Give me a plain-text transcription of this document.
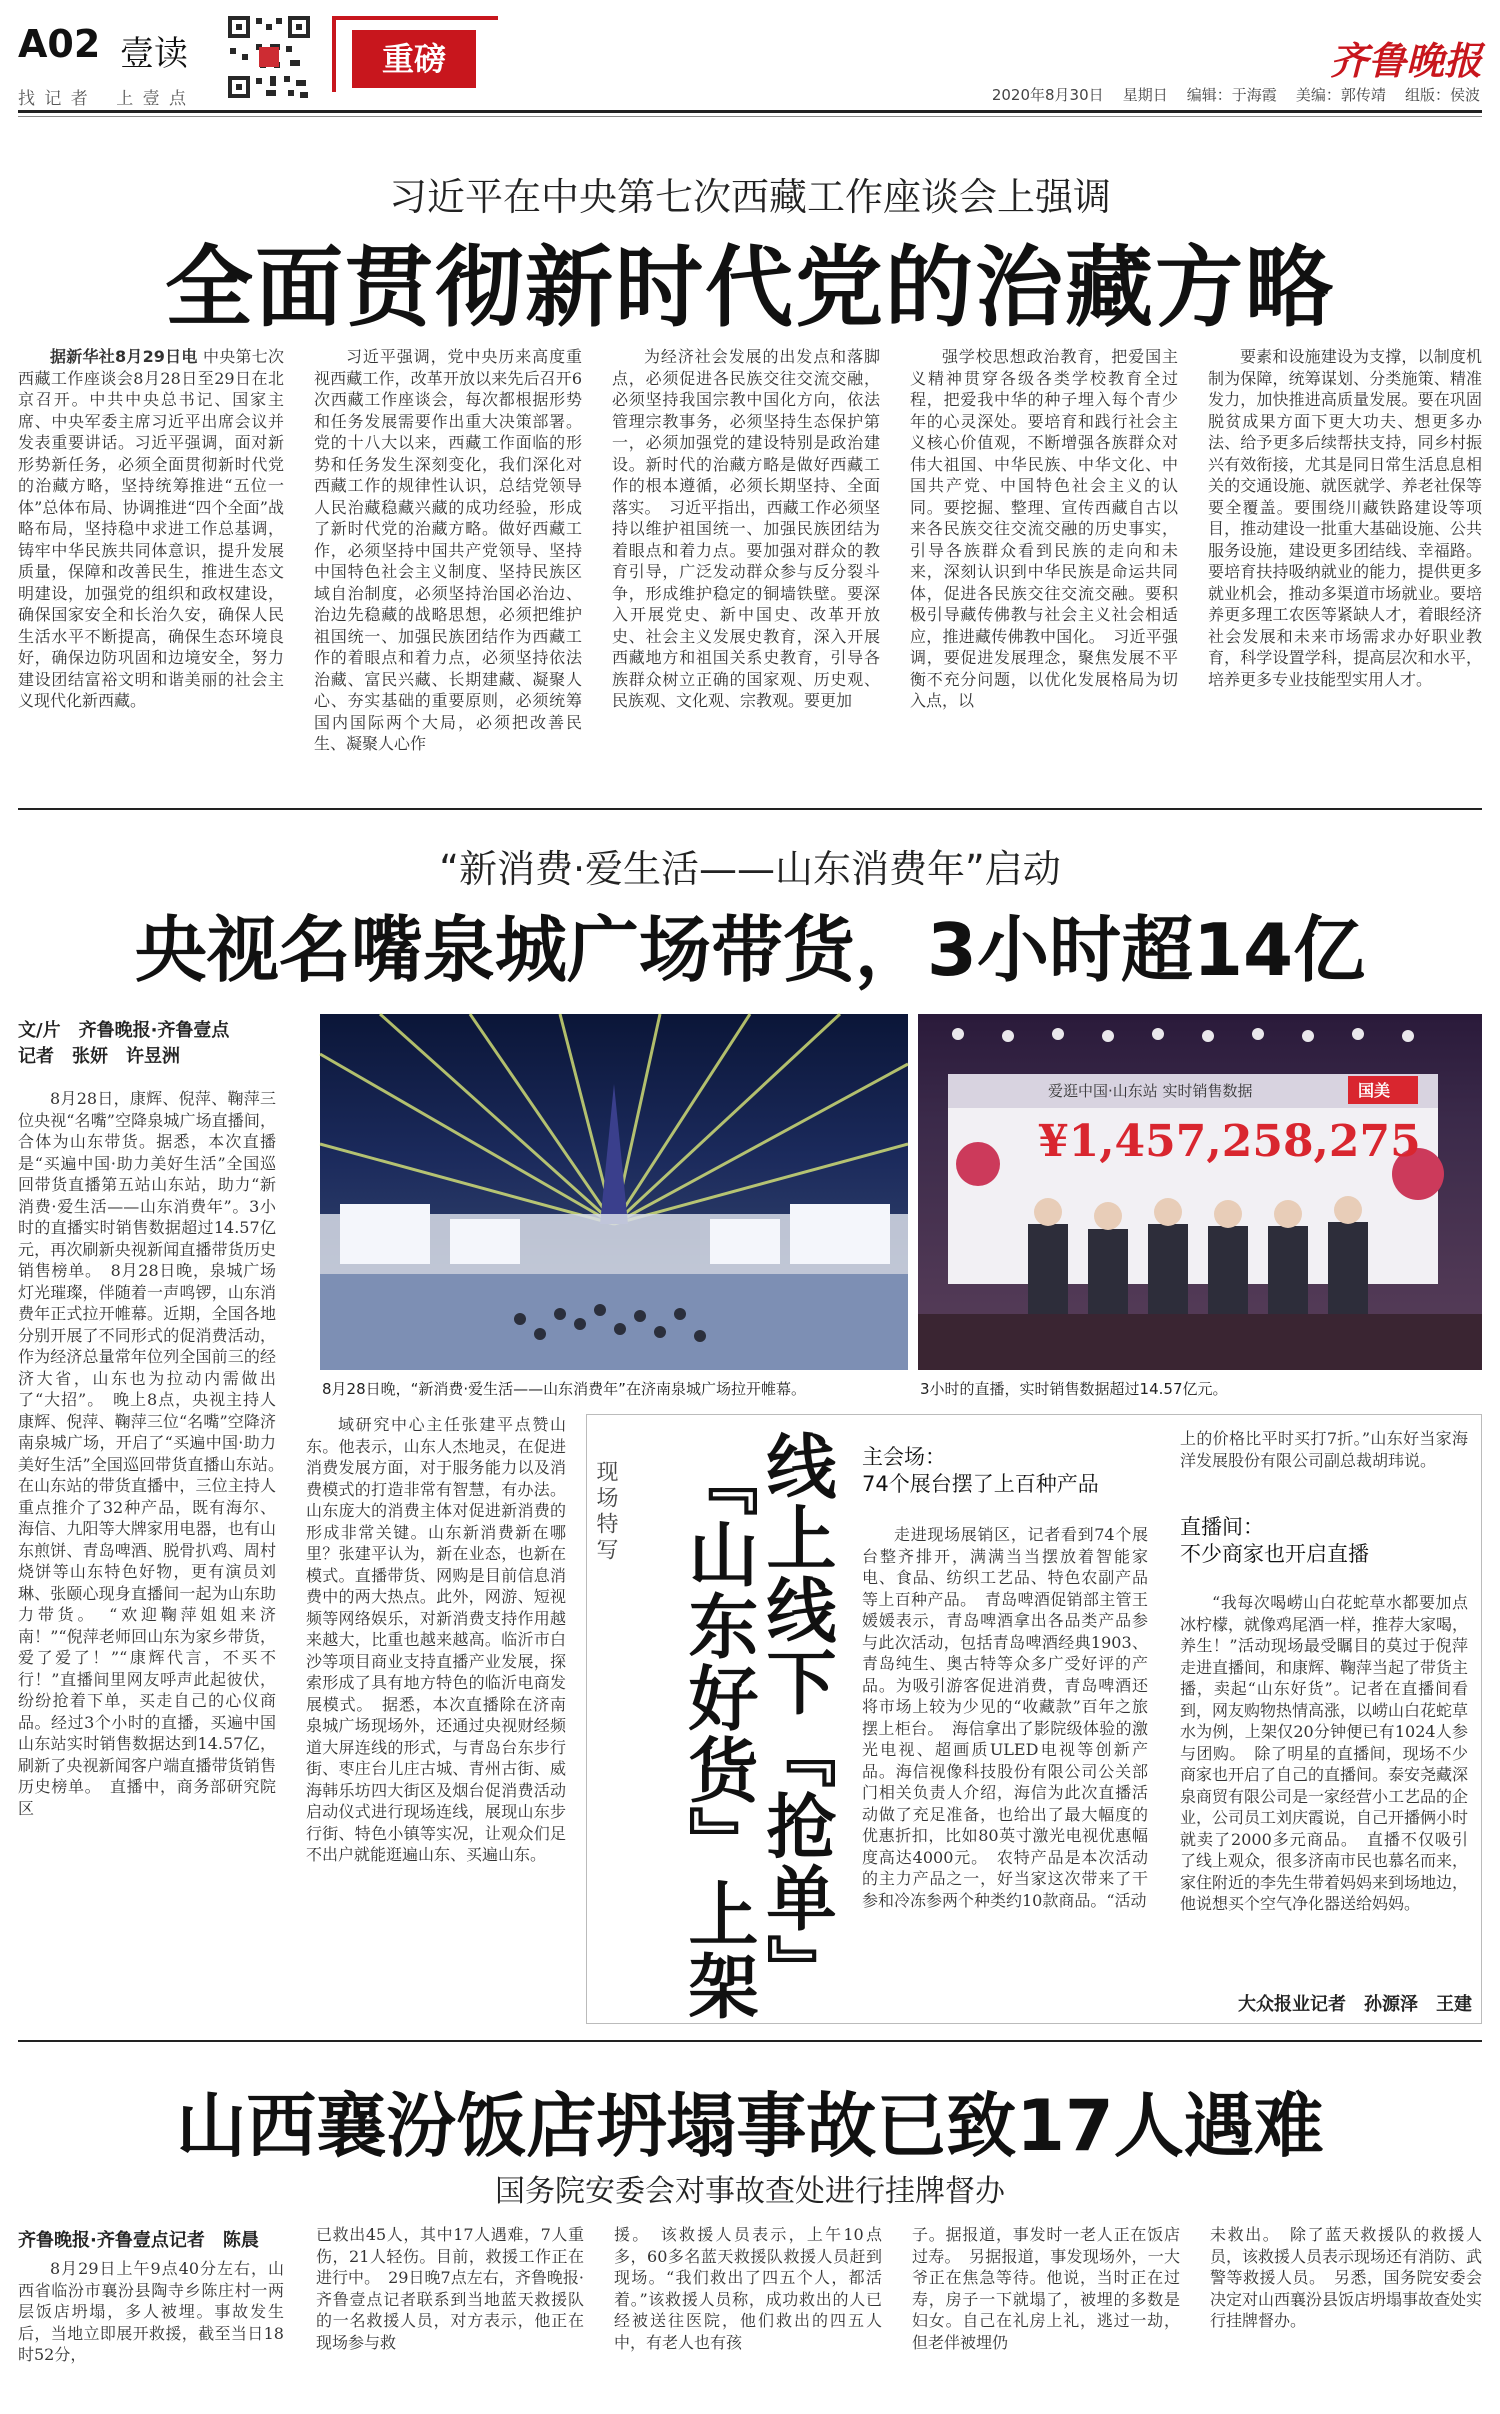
A02 壹读
找 记 者　 上 壹 点
重磅	齐鲁晚报
2020年8月30日 星期日 编辑：于海霞 美编：郭传靖 组版：侯波
习近平在中央第七次西藏工作座谈会上强调
全面贯彻新时代党的治藏方略

据新华社8月29日电 中央第七次西藏工作座谈会8月28日至29日在北京召开。中共中央总书记、国家主席、中央军委主席习近平出席会议并发表重要讲话。习近平强调，面对新形势新任务，必须全面贯彻新时代党的治藏方略，坚持统筹推进“五位一体”总体布局、协调推进“四个全面”战略布局，坚持稳中求进工作总基调，铸牢中华民族共同体意识，提升发展质量，保障和改善民生，推进生态文明建设，加强党的组织和政权建设，确保国家安全和长治久安，确保人民生活水平不断提高，确保生态环境良好，确保边防巩固和边境安全，努力建设团结富裕文明和谐美丽的社会主义现代化新西藏。

习近平强调，党中央历来高度重视西藏工作，改革开放以来先后召开6次西藏工作座谈会，每次都根据形势和任务发展需要作出重大决策部署。党的十八大以来，西藏工作面临的形势和任务发生深刻变化，我们深化对西藏工作的规律性认识，总结党领导人民治藏稳藏兴藏的成功经验，形成了新时代党的治藏方略。做好西藏工作，必须坚持中国共产党领导、坚持中国特色社会主义制度、坚持民族区域自治制度，必须坚持治国必治边、治边先稳藏的战略思想，必须把维护祖国统一、加强民族团结作为西藏工作的着眼点和着力点，必须坚持依法治藏、富民兴藏、长期建藏、凝聚人心、夯实基础的重要原则，必须统筹国内国际两个大局，必须把改善民生、凝聚人心作

为经济社会发展的出发点和落脚点，必须促进各民族交往交流交融，必须坚持我国宗教中国化方向，依法管理宗教事务，必须坚持生态保护第一，必须加强党的建设特别是政治建设。新时代的治藏方略是做好西藏工作的根本遵循，必须长期坚持、全面落实。　习近平指出，西藏工作必须坚持以维护祖国统一、加强民族团结为着眼点和着力点。要加强对群众的教育引导，广泛发动群众参与反分裂斗争，形成维护稳定的铜墙铁壁。要深入开展党史、新中国史、改革开放史、社会主义发展史教育，深入开展西藏地方和祖国关系史教育，引导各族群众树立正确的国家观、历史观、民族观、文化观、宗教观。要更加

强学校思想政治教育，把爱国主义精神贯穿各级各类学校教育全过程，把爱我中华的种子埋入每个青少年的心灵深处。要培育和践行社会主义核心价值观，不断增强各族群众对伟大祖国、中华民族、中华文化、中国共产党、中国特色社会主义的认同。要挖掘、整理、宣传西藏自古以来各民族交往交流交融的历史事实，引导各族群众看到民族的走向和未来，深刻认识到中华民族是命运共同体，促进各民族交往交流交融。要积极引导藏传佛教与社会主义社会相适应，推进藏传佛教中国化。　习近平强调，要促进发展理念，聚焦发展不平衡不充分问题，以优化发展格局为切入点，以

要素和设施建设为支撑，以制度机制为保障，统筹谋划、分类施策、精准发力，加快推进高质量发展。要在巩固脱贫成果方面下更大功夫、想更多办法、给予更多后续帮扶支持，同乡村振兴有效衔接，尤其是同日常生活息息相关的交通设施、就医就学、养老社保等要全覆盖。要围绕川藏铁路建设等项目，推动建设一批重大基础设施、公共服务设施，建设更多团结线、幸福路。要培育扶持吸纳就业的能力，提供更多就业机会，推动多渠道市场就业。要培养更多理工农医等紧缺人才，着眼经济社会发展和未来市场需求办好职业教育，科学设置学科，提高层次和水平，培养更多专业技能型实用人才。

“新消费·爱生活——山东消费年”启动
央视名嘴泉城广场带货，3小时超14亿
文/片　齐鲁晚报·齐鲁壹点
记者　张妍　许昱洲

8月28日，康辉、倪萍、鞠萍三位央视“名嘴”空降泉城广场直播间，合体为山东带货。据悉，本次直播是“买遍中国·助力美好生活”全国巡回带货直播第五站山东站，助力“新消费·爱生活——山东消费年”。3小时的直播实时销售数据超过14.57亿元，再次刷新央视新闻直播带货历史销售榜单。　8月28日晚，泉城广场灯光璀璨，伴随着一声鸣锣，山东消费年正式拉开帷幕。近期，全国各地分别开展了不同形式的促消费活动，作为经济总量常年位列全国前三的经济大省，山东也为拉动内需做出了“大招”。　晚上8点，央视主持人康辉、倪萍、鞠萍三位“名嘴”空降济南泉城广场，开启了“买遍中国·助力美好生活”全国巡回带货直播山东站。　在山东站的带货直播中，三位主持人重点推介了32种产品，既有海尔、海信、九阳等大牌家用电器，也有山东煎饼、青岛啤酒、脱骨扒鸡、周村烧饼等山东特色好物，更有演员刘琳、张颐心现身直播间一起为山东助力带货。　“欢迎鞠萍姐姐来济南！”“倪萍老师回山东为家乡带货，爱了爱了！”“康辉代言，不买不行！”直播间里网友呼声此起彼伏，纷纷抢着下单，买走自己的心仪商品。经过3个小时的直播，买遍中国山东站实时销售数据达到14.57亿，刷新了央视新闻客户端直播带货销售历史榜单。　直播中，商务部研究院区

8月28日晚，“新消费·爱生活——山东消费年”在济南泉城广场拉开帷幕。
爱逛中国·山东站 实时销售数据	国美
¥1,457,258,275
3小时的直播，实时销售数据超过14.57亿元。

域研究中心主任张建平点赞山东。他表示，山东人杰地灵，在促进消费发展方面，对于服务能力以及消费模式的打造非常有智慧，有办法。山东庞大的消费主体对促进新消费的形成非常关键。山东新消费新在哪里？张建平认为，新在业态，也新在模式。直播带货、网购是目前信息消费中的两大热点。此外，网游、短视频等网络娱乐，对新消费支持作用越来越大，比重也越来越高。临沂市白沙等项目商业支持直播产业发展，探索形成了具有地方特色的临沂电商发展模式。　据悉，本次直播除在济南泉城广场现场外，还通过央视财经频道大屏连线的形式，与青岛台东步行街、枣庄台儿庄古城、青州古街、威海韩乐坊四大街区及烟台促消费活动启动仪式进行现场连线，展现山东步行街、特色小镇等实况，让观众们足不出户就能逛遍山东、买遍山东。

现场特写 线上线下『抢单』
『山东好货』上架	主会场：
74个展台摆了上百种产品

走进现场展销区，记者看到74个展台整齐排开，满满当当摆放着智能家电、食品、纺织工艺品、特色农副产品等上百种产品。　青岛啤酒促销部主管王媛媛表示，青岛啤酒拿出各品类产品参与此次活动，包括青岛啤酒经典1903、青岛纯生、奥古特等众多广受好评的产品。为吸引游客促进消费，青岛啤酒还将市场上较为少见的“收藏款”百年之旅摆上柜台。　海信拿出了影院级体验的激光电视、超画质ULED电视等创新产品。海信视像科技股份有限公司公关部门相关负责人介绍，海信为此次直播活动做了充足准备，也给出了最大幅度的优惠折扣，比如80英寸激光电视优惠幅度高达4000元。　农特产品是本次活动的主力产品之一，好当家这次带来了干参和冷冻参两个种类约10款商品。“活动

上的价格比平时买打7折。”山东好当家海洋发展股份有限公司副总裁胡玮说。

直播间：
不少商家也开启直播

“我每次喝崂山白花蛇草水都要加点冰柠檬，就像鸡尾酒一样，推荐大家喝，养生！”活动现场最受瞩目的莫过于倪萍走进直播间，和康辉、鞠萍当起了带货主播，卖起“山东好货”。记者在直播间看到，网友购物热情高涨，以崂山白花蛇草水为例，上架仅20分钟便已有1024人参与团购。　除了明星的直播间，现场不少商家也开启了自己的直播间。泰安尧藏深泉商贸有限公司是一家经营小工艺品的企业，公司员工刘庆霞说，自己开播俩小时就卖了2000多元商品。　直播不仅吸引了线上观众，很多济南市民也慕名而来，家住附近的李先生带着妈妈来到场地边，他说想买个空气净化器送给妈妈。

大众报业记者　孙源泽　王建
山西襄汾饭店坍塌事故已致17人遇难
国务院安委会对事故查处进行挂牌督办
齐鲁晚报·齐鲁壹点记者　陈晨

8月29日上午9点40分左右，山西省临汾市襄汾县陶寺乡陈庄村一两层饭店坍塌，多人被埋。事故发生后，当地立即展开救援，截至当日18时52分，

已救出45人，其中17人遇难，7人重伤，21人轻伤。目前，救援工作正在进行中。　29日晚7点左右，齐鲁晚报·齐鲁壹点记者联系到当地蓝天救援队的一名救援人员，对方表示，他正在现场参与救

援。　该救援人员表示，上午10点多，60多名蓝天救援队救援人员赶到现场。“我们救出了四五个人，都活着。”该救援人员称，成功救出的人已经被送往医院，他们救出的四五人中，有老人也有孩

子。据报道，事发时一老人正在饭店过寿。　另据报道，事发现场外，一大爷正在焦急等待。他说，当时正在过寿，房子一下就塌了，被埋的多数是妇女。自己在礼房上礼，逃过一劫，但老伴被埋仍

未救出。　除了蓝天救援队的救援人员，该救援人员表示现场还有消防、武警等救援人员。　另悉，国务院安委会决定对山西襄汾县饭店坍塌事故查处实行挂牌督办。
